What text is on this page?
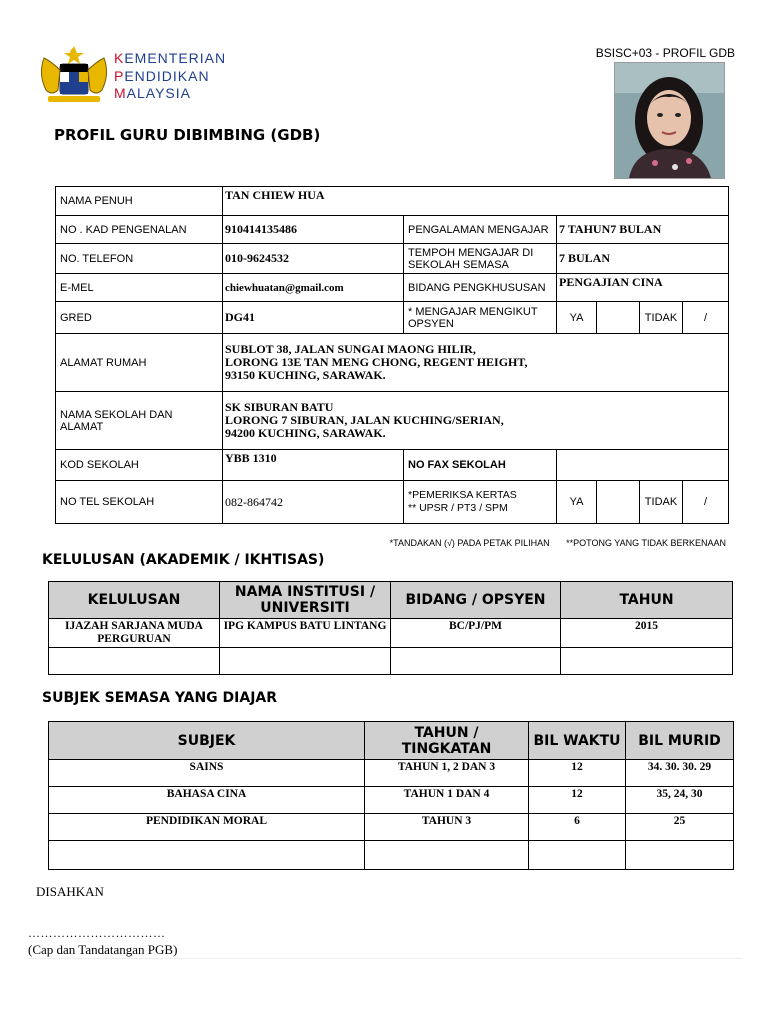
KEMENTERIAN
PENDIDIKAN
MALAYSIA
BSISC+03 - PROFIL GDB
PROFIL GURU DIBIMBING (GDB)
NAMA PENUH	TAN CHIEW HUA					
NO . KAD PENGENALAN	910414135486	PENGALAMAN MENGAJAR	7 TAHUN7 BULAN			
NO. TELEFON	010-9624532	TEMPOH MENGAJAR DI SEKOLAH SEMASA	7 BULAN			
E-MEL	chiewhuatan@gmail.com	BIDANG PENGKHUSUSAN	PENGAJIAN CINA			
GRED	DG41	* MENGAJAR MENGIKUT OPSYEN	YA		TIDAK	/
ALAMAT RUMAH	SUBLOT 38, JALAN SUNGAI MAONG HILIR,
LORONG 13E TAN MENG CHONG, REGENT HEIGHT,
93150 KUCHING, SARAWAK.					

NAMA SEKOLAH DAN ALAMAT	SK SIBURAN BATU
LORONG 7 SIBURAN, JALAN KUCHING/SERIAN,
94200 KUCHING, SARAWAK.					

KOD SEKOLAH	YBB 1310	NO FAX SEKOLAH				
NO TEL SEKOLAH	082-864742	*PEMERIKSA KERTAS
** UPSR / PT3 / SPM	YA		TIDAK	/
*TANDAKAN (√) PADA PETAK PILIHAN **POTONG YANG TIDAK BERKENAAN
KELULUSAN (AKADEMIK / IKHTISAS)
KELULUSAN	NAMA INSTITUSI / UNIVERSITI	BIDANG / OPSYEN	TAHUN
IJAZAH SARJANA MUDA PERGURUAN	IPG KAMPUS BATU LINTANG	BC/PJ/PM	2015

SUBJEK SEMASA YANG DIAJAR
SUBJEK	TAHUN / TINGKATAN	BIL WAKTU	BIL MURID
SAINS	TAHUN 1, 2 DAN 3	12	34. 30. 30. 29
BAHASA CINA	TAHUN 1 DAN 4	12	35, 24, 30
PENDIDIKAN MORAL	TAHUN 3	6	25

DISAHKAN
……………………………
(Cap dan Tandatangan PGB)
